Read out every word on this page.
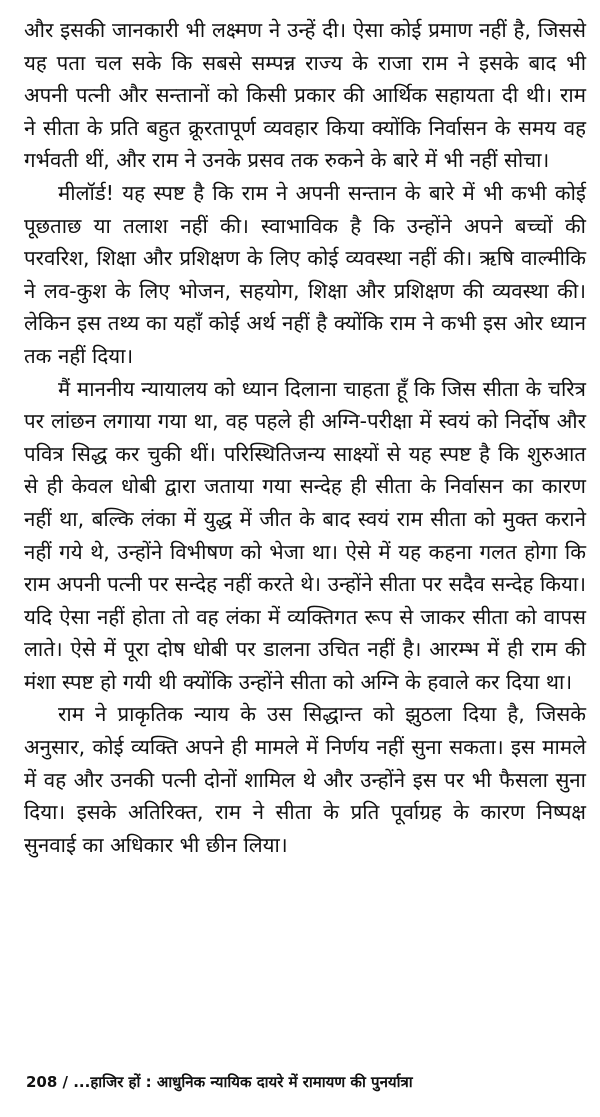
और इसकी जानकारी भी लक्ष्मण ने उन्हें दी। ऐसा कोई प्रमाण नहीं है, जिससे यह पता चल सके कि सबसे सम्पन्न राज्य के राजा राम ने इसके बाद भी अपनी पत्नी और सन्तानों को किसी प्रकार की आर्थिक सहायता दी थी। राम ने सीता के प्रति बहुत क्रूरतापूर्ण व्यवहार किया क्योंकि निर्वासन के समय वह गर्भवती थीं, और राम ने उनके प्रसव तक रुकने के बारे में भी नहीं सोचा।

मीलॉर्ड! यह स्पष्ट है कि राम ने अपनी सन्तान के बारे में भी कभी कोई पूछताछ या तलाश नहीं की। स्वाभाविक है कि उन्होंने अपने बच्चों की परवरिश, शिक्षा और प्रशिक्षण के लिए कोई व्यवस्था नहीं की। ऋषि वाल्मीकि ने लव-कुश के लिए भोजन, सहयोग, शिक्षा और प्रशिक्षण की व्यवस्था की। लेकिन इस तथ्य का यहाँ कोई अर्थ नहीं है क्योंकि राम ने कभी इस ओर ध्यान तक नहीं दिया।

मैं माननीय न्यायालय को ध्यान दिलाना चाहता हूँ कि जिस सीता के चरित्र पर लांछन लगाया गया था, वह पहले ही अग्नि-परीक्षा में स्वयं को निर्दोष और पवित्र सिद्ध कर चुकी थीं। परिस्थितिजन्य साक्ष्यों से यह स्पष्ट है कि शुरुआत से ही केवल धोबी द्वारा जताया गया सन्देह ही सीता के निर्वासन का कारण नहीं था, बल्कि लंका में युद्ध में जीत के बाद स्वयं राम सीता को मुक्त कराने नहीं गये थे, उन्होंने विभीषण को भेजा था। ऐसे में यह कहना गलत होगा कि राम अपनी पत्नी पर सन्देह नहीं करते थे। उन्होंने सीता पर सदैव सन्देह किया। यदि ऐसा नहीं होता तो वह लंका में व्यक्तिगत रूप से जाकर सीता को वापस लाते। ऐसे में पूरा दोष धोबी पर डालना उचित नहीं है। आरम्भ में ही राम की मंशा स्पष्ट हो गयी थी क्योंकि उन्होंने सीता को अग्नि के हवाले कर दिया था।

राम ने प्राकृतिक न्याय के उस सिद्धान्त को झुठला दिया है, जिसके अनुसार, कोई व्यक्ति अपने ही मामले में निर्णय नहीं सुना सकता। इस मामले में वह और उनकी पत्नी दोनों शामिल थे और उन्होंने इस पर भी फैसला सुना दिया। इसके अतिरिक्त, राम ने सीता के प्रति पूर्वाग्रह के कारण निष्पक्ष सुनवाई का अधिकार भी छीन लिया।

208 / ...हाजिर हों : आधुनिक न्यायिक दायरे में रामायण की पुनर्यात्रा
